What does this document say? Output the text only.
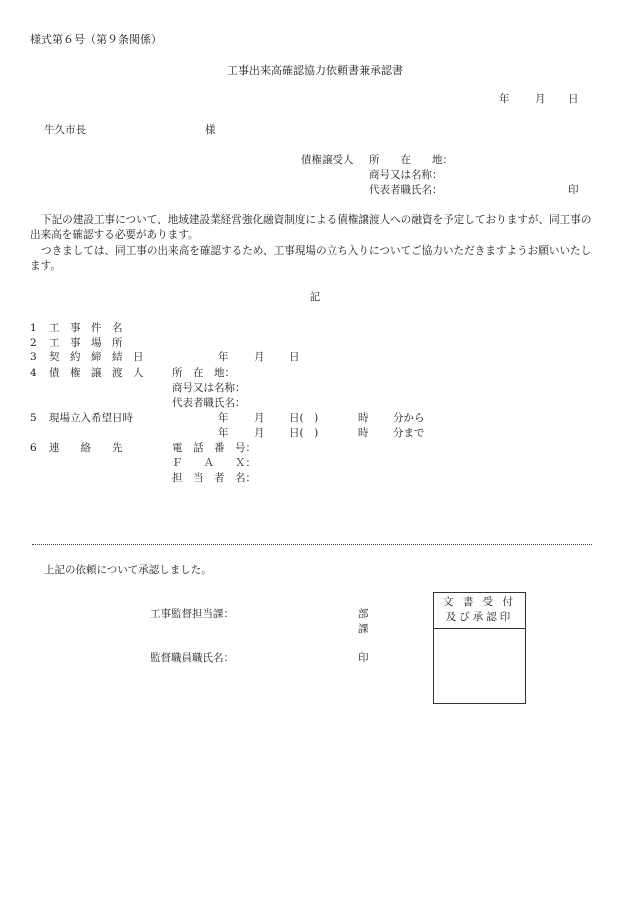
様式第６号（第９条関係）
工事出来高確認協力依頼書兼承認書
年 月 日
牛久市長	様
債権譲受人 所　　在　　地：
商号又は名称：
代表者職氏名：	印
下記の建設工事について、地域建設業経営強化融資制度による債権譲渡人への融資を予定しておりますが、同工事の出来高を確認する必要があります。
つきましては、同工事の出来高を確認するため、工事現場の立ち入りについてご協力いただきますようお願いいたします。
記
1 工　事　件　名
2 工　事　場　所
3 契　約　締　結　日	年 月 日
4 債　権　譲　渡　人	所　在　地：
商号又は名称：
代表者職氏名：
5 現場立入希望日時	年 月 日(　)	時 分から
年 月 日(　)	時 分まで
6 連　　絡　　先	電　話　番　号：
Ｆ　　Ａ　　Ｘ：
担　当　者　名：
上記の依頼について承認しました。
工事監督担当課：	部
課
監督職員職氏名：	印
文 書 受 付
及び承認印
